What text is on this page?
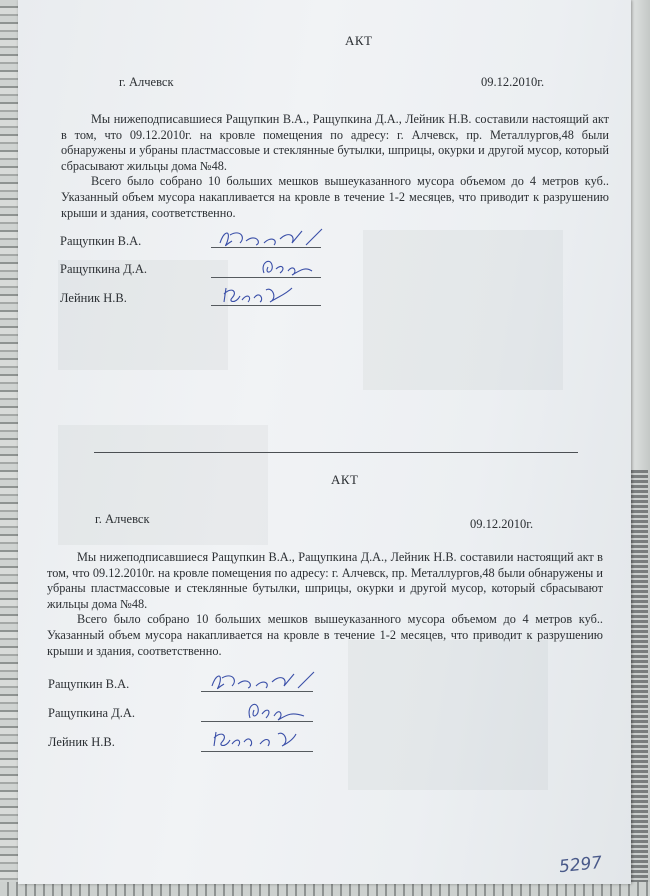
АКТ
г. Алчевск	09.12.2010г.

Мы нижеподписавшиеся Ращупкин В.А., Ращупкина Д.А., Лейник Н.В. составили настоящий акт в том, что 09.12.2010г. на кровле помещения по адресу: г. Алчевск, пр. Металлургов,48 были обнаружены и убраны пластмассовые и стеклянные бутылки, шприцы, окурки и другой мусор, который сбрасывают жильцы дома №48.

Всего было собрано 10 больших мешков вышеуказанного мусора объемом до 4 метров куб.. Указанный объем мусора накапливается на кровле в течение 1-2 месяцев, что приводит к разрушению крыши и здания, соответственно.

Ращупкин В.А.
Ращупкина Д.А.
Лейник Н.В.
АКТ
г. Алчевск	09.12.2010г.

Мы нижеподписавшиеся Ращупкин В.А., Ращупкина Д.А., Лейник Н.В. составили настоящий акт в том, что 09.12.2010г. на кровле помещения по адресу: г. Алчевск, пр. Металлургов,48 были обнаружены и убраны пластмассовые и стеклянные бутылки, шприцы, окурки и другой мусор, который сбрасывают жильцы дома №48.

Всего было собрано 10 больших мешков вышеуказанного мусора объемом до 4 метров куб.. Указанный объем мусора накапливается на кровле в течение 1-2 месяцев, что приводит к разрушению крыши и здания, соответственно.

Ращупкин В.А.
Ращупкина Д.А.
Лейник Н.В.
5297
